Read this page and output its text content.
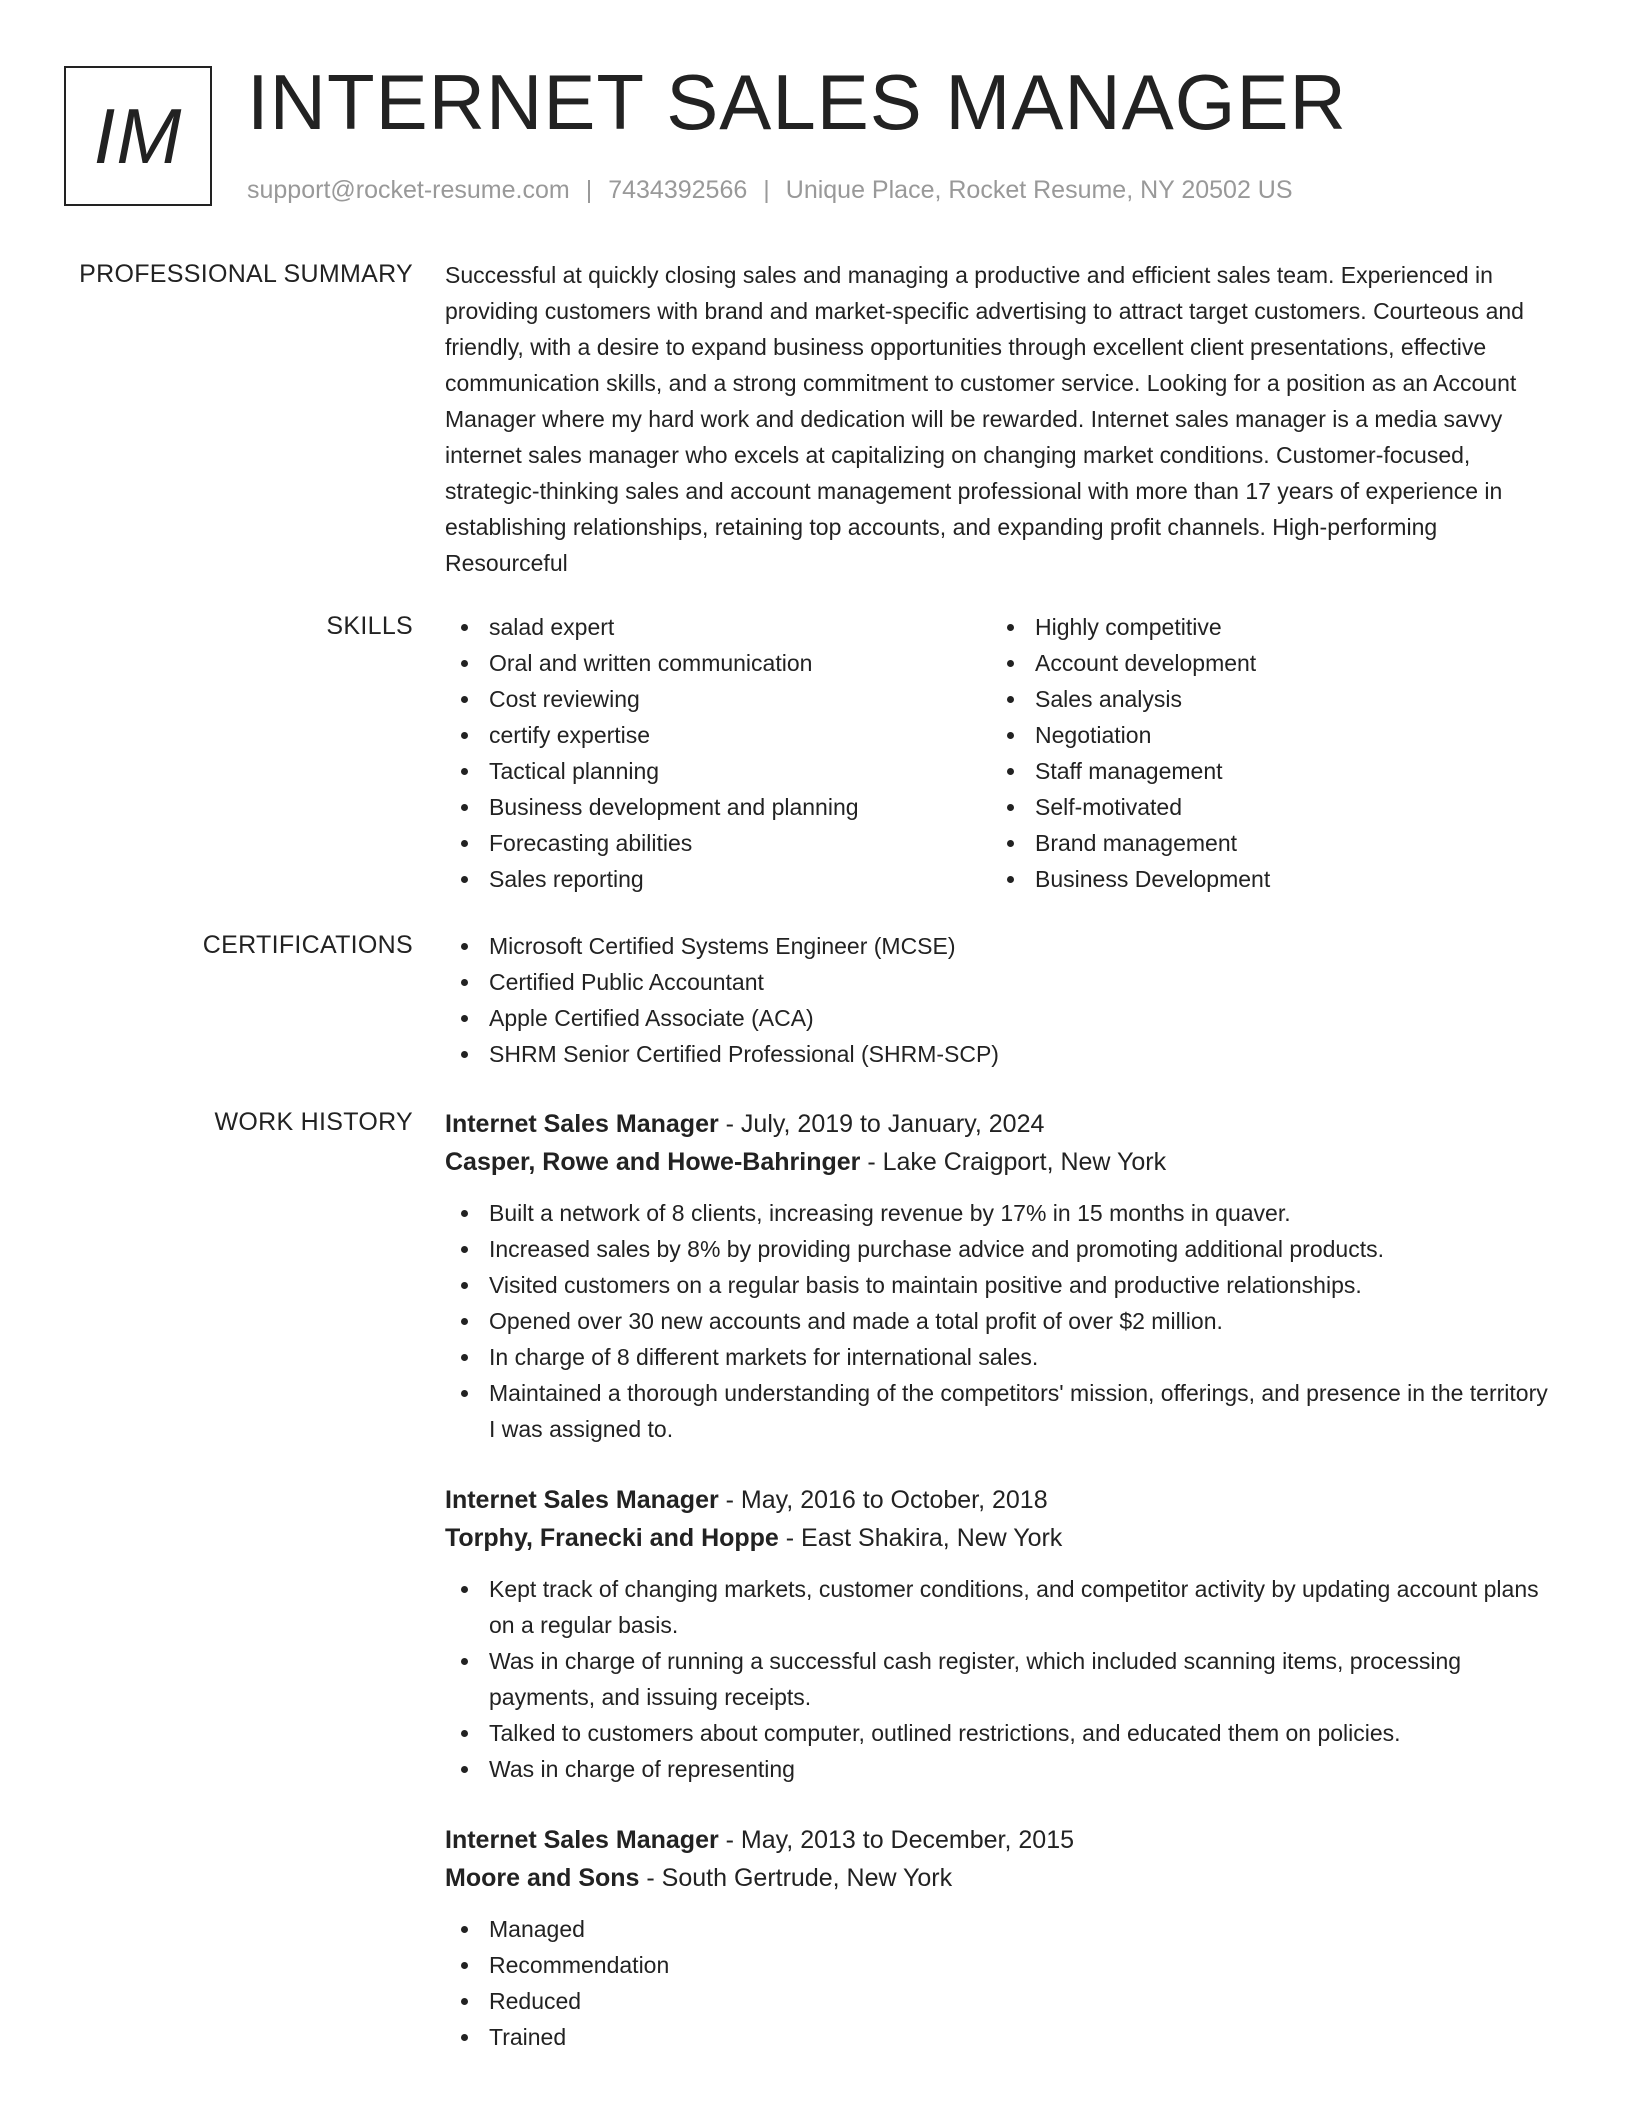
IM INTERNET SALES MANAGER
support@rocket-resume.com | 7434392566 | Unique Place, Rocket Resume, NY 20502 US
PROFESSIONAL SUMMARY Successful at quickly closing sales and managing a productive and efficient sales team. Experienced in providing customers with brand and market-specific advertising to attract target customers. Courteous and friendly, with a desire to expand business opportunities through excellent client presentations, effective communication skills, and a strong commitment to customer service. Looking for a position as an Account Manager where my hard work and dedication will be rewarded. Internet sales manager is a media savvy internet sales manager who excels at capitalizing on changing market conditions. Customer-focused, strategic-thinking sales and account management professional with more than 17 years of experience in establishing relationships, retaining top accounts, and expanding profit channels. High-performing Resourceful
SKILLS	salad expert
Oral and written communication
Cost reviewing
certify expertise
Tactical planning
Business development and planning
Forecasting abilities
Sales reporting
Highly competitive
Account development
Sales analysis
Negotiation
Staff management
Self-motivated
Brand management
Business Development
CERTIFICATIONS	Microsoft Certified Systems Engineer (MCSE)
Certified Public Accountant
Apple Certified Associate (ACA)
SHRM Senior Certified Professional (SHRM-SCP)
WORK HISTORY Internet Sales Manager - July, 2019 to January, 2024
Casper, Rowe and Howe-Bahringer - Lake Craigport, New York
Built a network of 8 clients, increasing revenue by 17% in 15 months in quaver.
Increased sales by 8% by providing purchase advice and promoting additional products.
Visited customers on a regular basis to maintain positive and productive relationships.
Opened over 30 new accounts and made a total profit of over $2 million.
In charge of 8 different markets for international sales.
Maintained a thorough understanding of the competitors' mission, offerings, and presence in the territory I was assigned to.
Internet Sales Manager - May, 2016 to October, 2018
Torphy, Franecki and Hoppe - East Shakira, New York
Kept track of changing markets, customer conditions, and competitor activity by updating account plans on a regular basis.
Was in charge of running a successful cash register, which included scanning items, processing payments, and issuing receipts.
Talked to customers about computer, outlined restrictions, and educated them on policies.
Was in charge of representing
Internet Sales Manager - May, 2013 to December, 2015
Moore and Sons - South Gertrude, New York
Managed
Recommendation
Reduced
Trained
